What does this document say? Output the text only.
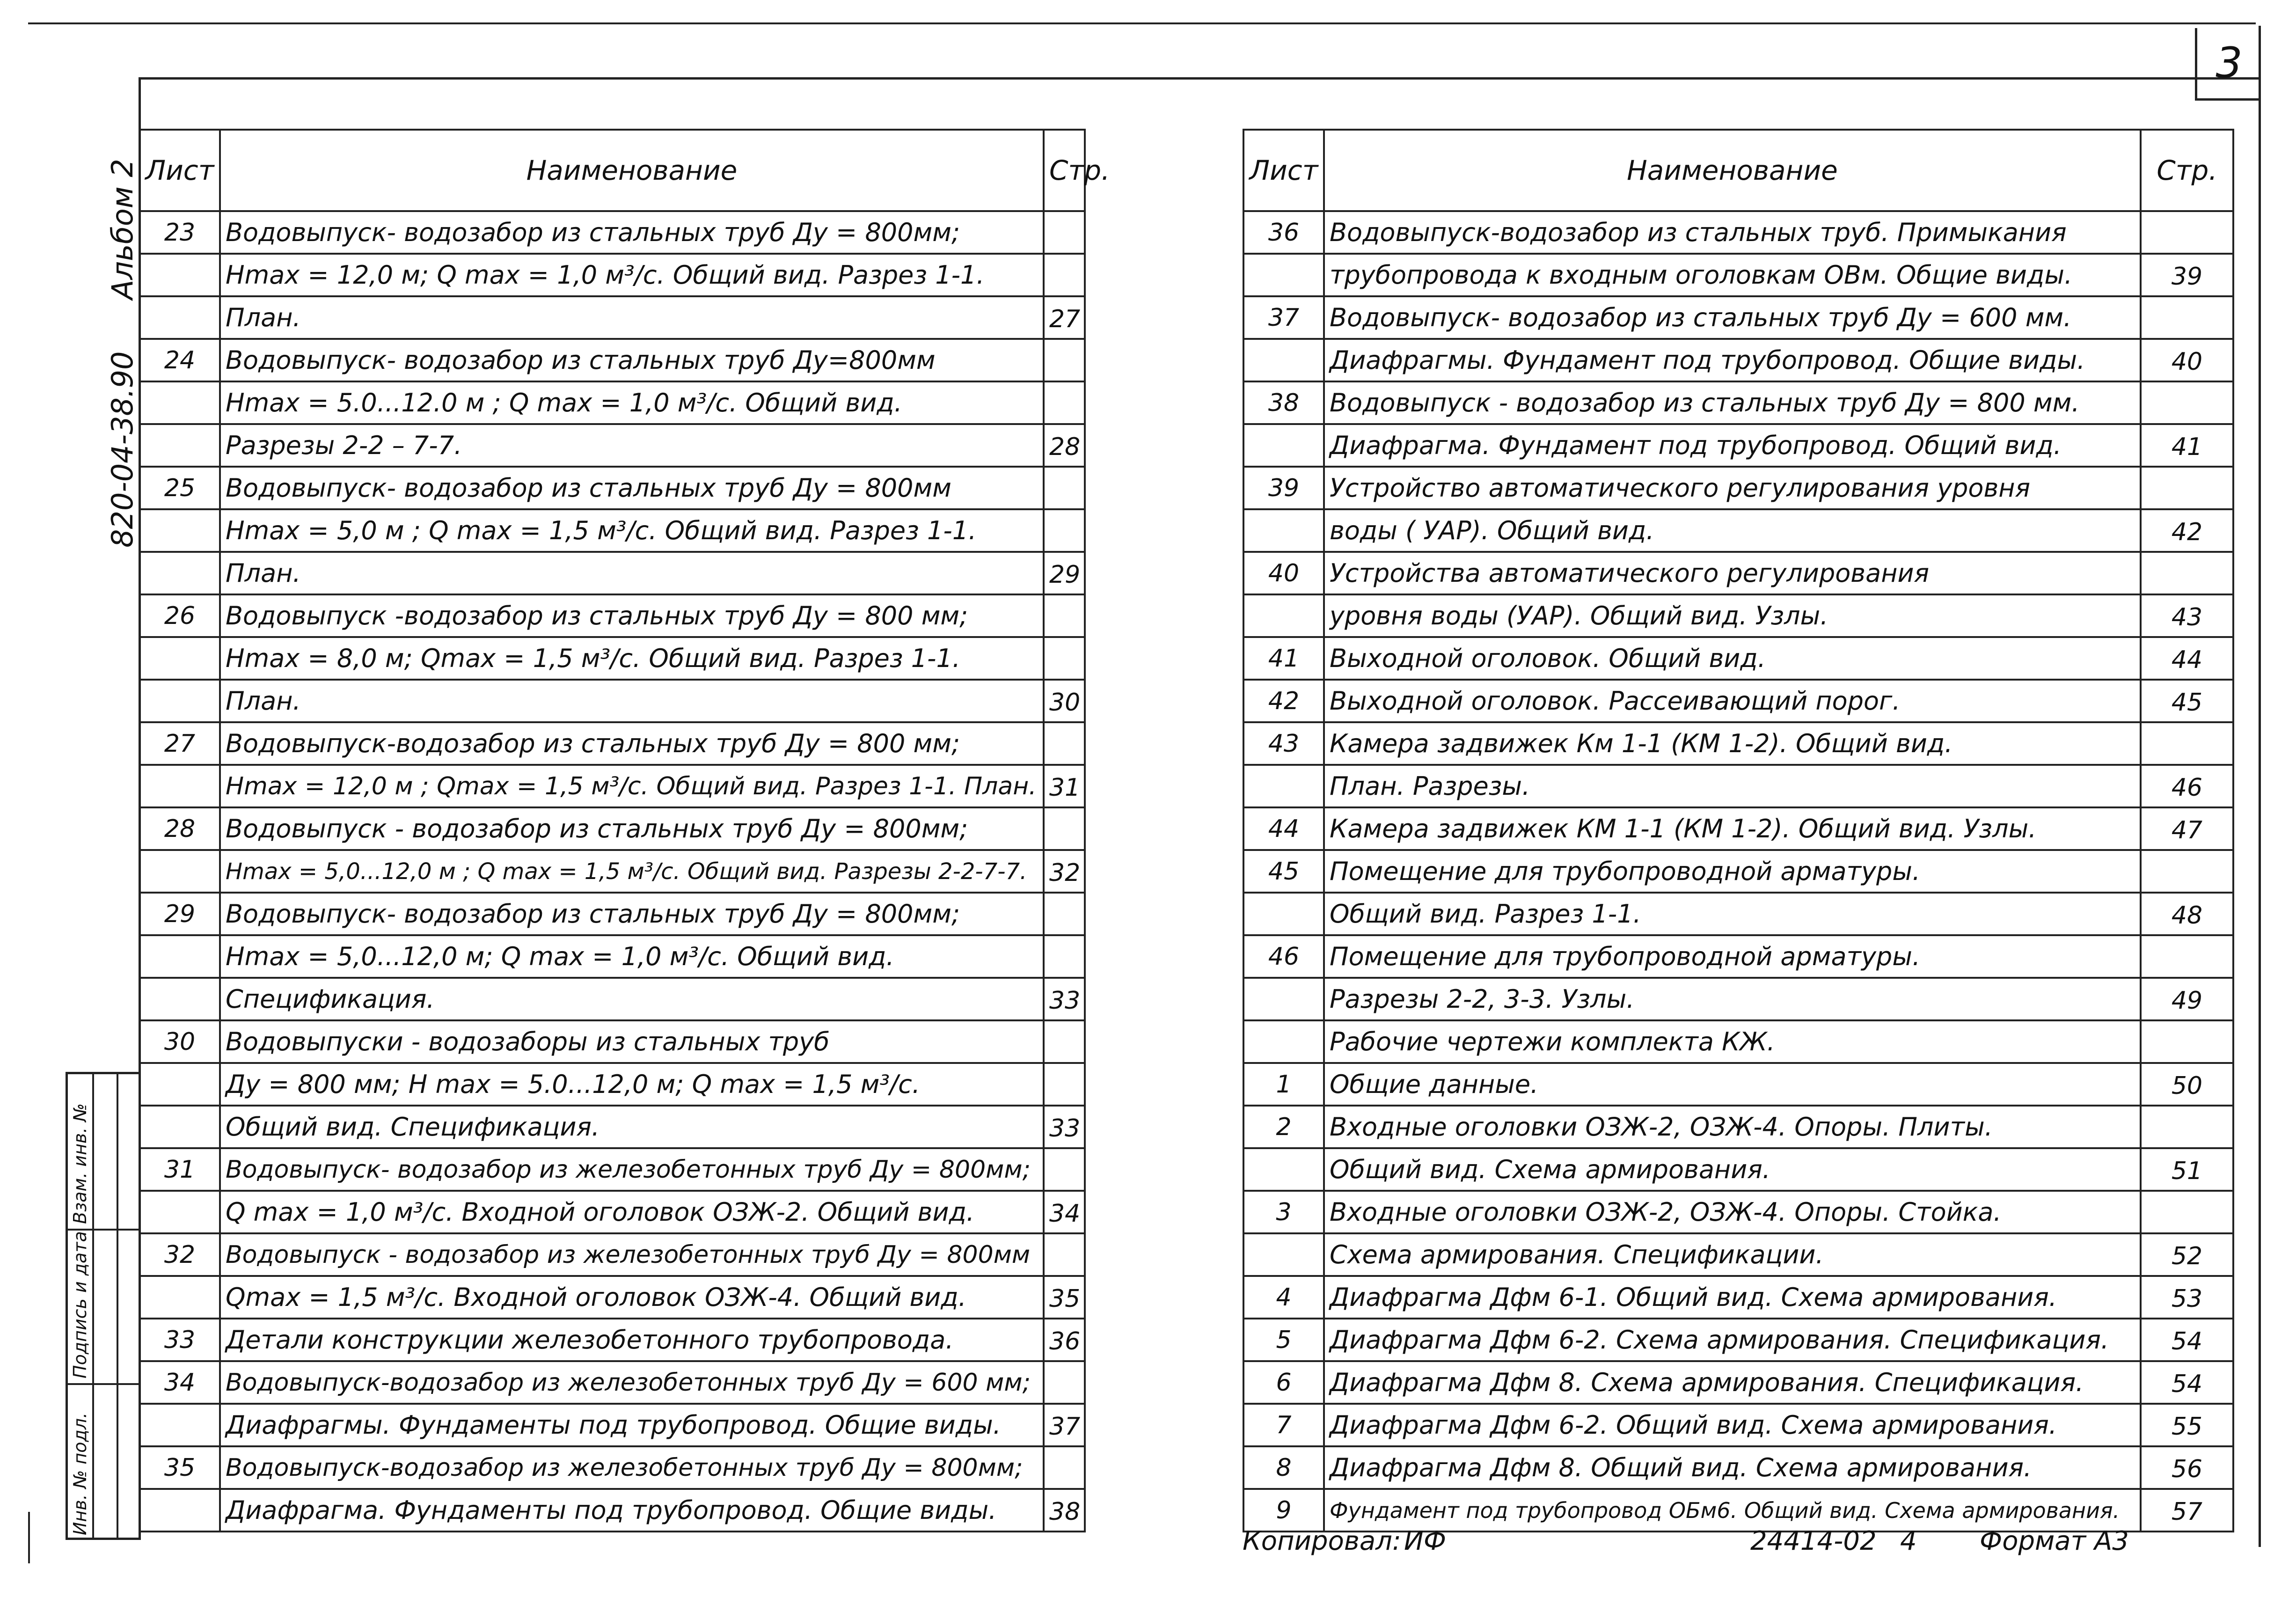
3
Альбом 2
820-04-38.90
Инв. № подл.
Подпись и дата
Взам. инв. №
Лист	Наименование	Стр.
23	Водовыпуск- водозабор из стальных труб Ду = 800мм;	
	Нmax = 12,0 м; Q max = 1,0 м³/с. Общий вид. Разрез 1-1.	
	План.	27
24	Водовыпуск- водозабор из стальных труб Ду=800мм	
	Нmax = 5.0...12.0 м ; Q max = 1,0 м³/с. Общий вид.	
	Разрезы 2-2 – 7-7.	28
25	Водовыпуск- водозабор из стальных труб Ду = 800мм	
	Нmax = 5,0 м ; Q max = 1,5 м³/с. Общий вид. Разрез 1-1.	
	План.	29
26	Водовыпуск -водозабор из стальных труб Ду = 800 мм;	
	Нmax = 8,0 м; Qmax = 1,5 м³/с. Общий вид. Разрез 1-1.	
	План.	30
27	Водовыпуск-водозабор из стальных труб Ду = 800 мм;	
	Нmax = 12,0 м ; Qmax = 1,5 м³/с. Общий вид. Разрез 1-1. План.	31
28	Водовыпуск - водозабор из стальных труб Ду = 800мм;	
	Нmax = 5,0...12,0 м ; Q max = 1,5 м³/с. Общий вид. Разрезы 2-2-7-7.	32
29	Водовыпуск- водозабор из стальных труб Ду = 800мм;	
	Нmax = 5,0...12,0 м; Q max = 1,0 м³/с. Общий вид.	
	Спецификация.	33
30	Водовыпуски - водозаборы из стальных труб	
	Ду = 800 мм; Н max = 5.0...12,0 м; Q max = 1,5 м³/с.	
	Общий вид. Спецификация.	33
31	Водовыпуск- водозабор из железобетонных труб Ду = 800мм;	
	Q max = 1,0 м³/с. Входной оголовок ОЗЖ-2. Общий вид.	34
32	Водовыпуск - водозабор из железобетонных труб Ду = 800мм	
	Qmax = 1,5 м³/с. Входной оголовок ОЗЖ-4. Общий вид.	35
33	Детали конструкции железобетонного трубопровода.	36
34	Водовыпуск-водозабор из железобетонных труб Ду = 600 мм;	
	Диафрагмы. Фундаменты под трубопровод. Общие виды.	37
35	Водовыпуск-водозабор из железобетонных труб Ду = 800мм;	
	Диафрагма. Фундаменты под трубопровод. Общие виды.	38
Лист	Наименование	Стр.
36	Водовыпуск-водозабор из стальных труб. Примыкания	
	трубопровода к входным оголовкам ОВм. Общие виды.	39
37	Водовыпуск- водозабор из стальных труб Ду = 600 мм.	
	Диафрагмы. Фундамент под трубопровод. Общие виды.	40
38	Водовыпуск - водозабор из стальных труб Ду = 800 мм.	
	Диафрагма. Фундамент под трубопровод. Общий вид.	41
39	Устройство автоматического регулирования уровня	
	воды ( УАР). Общий вид.	42
40	Устройства автоматического регулирования	
	уровня воды (УАР). Общий вид. Узлы.	43
41	Выходной оголовок. Общий вид.	44
42	Выходной оголовок. Рассеивающий порог.	45
43	Камера задвижек Км 1-1 (КМ 1-2). Общий вид.	
	План. Разрезы.	46
44	Камера задвижек КМ 1-1 (КМ 1-2). Общий вид. Узлы.	47
45	Помещение для трубопроводной арматуры.	
	Общий вид. Разрез 1-1.	48
46	Помещение для трубопроводной арматуры.	
	Разрезы 2-2, 3-3. Узлы.	49
	Рабочие чертежи комплекта КЖ.	
1	Общие данные.	50
2	Входные оголовки ОЗЖ-2, ОЗЖ-4. Опоры. Плиты.	
	Общий вид. Схема армирования.	51
3	Входные оголовки ОЗЖ-2, ОЗЖ-4. Опоры. Стойка.	
	Схема армирования. Спецификации.	52
4	Диафрагма Дфм 6-1. Общий вид. Схема армирования.	53
5	Диафрагма Дфм 6-2. Схема армирования. Спецификация.	54
6	Диафрагма Дфм 8. Схема армирования. Спецификация.	54
7	Диафрагма Дфм 6-2. Общий вид. Схема армирования.	55
8	Диафрагма Дфм 8. Общий вид. Схема армирования.	56
9	Фундамент под трубопровод ОБм6. Общий вид. Схема армирования.	57
Копировал: ИФ	24414-02 4 Формат А3
